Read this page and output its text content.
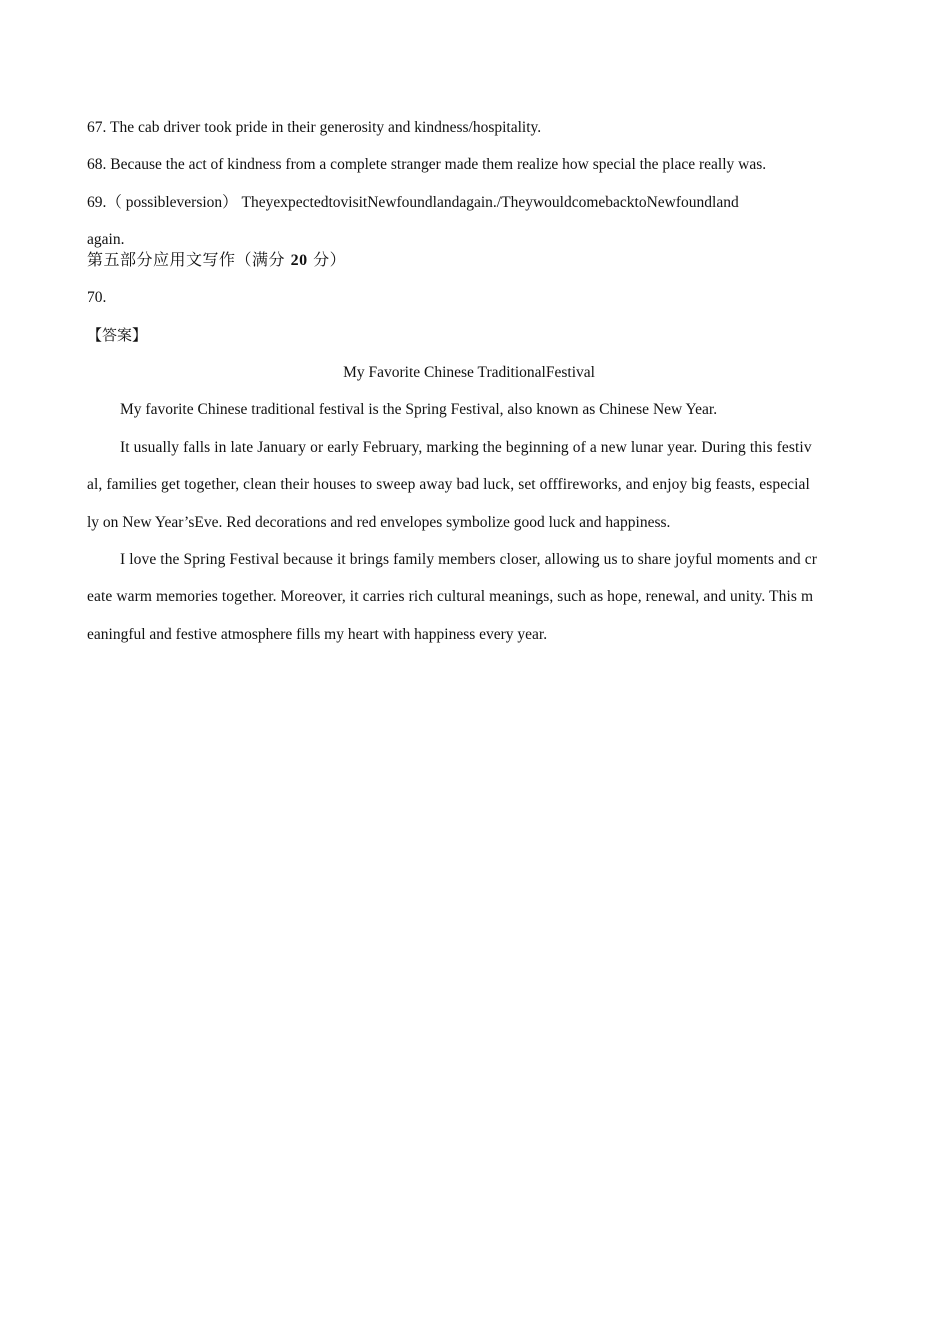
67. The cab driver took pride in their generosity and kindness/hospitality.
68. Because the act of kindness from a complete stranger made them realize how special the place really was.
69.（ possibleversion） TheyexpectedtovisitNewfoundlandagain./TheywouldcomebacktoNewfoundland
again.
第五部分应用文写作（满分 20 分）
70.
【答案】
My Favorite Chinese TraditionalFestival
My favorite Chinese traditional festival is the Spring Festival, also known as Chinese New Year.
It usually falls in late January or early February, marking the beginning of a new lunar year. During this festiv
al, families get together, clean their houses to sweep away bad luck, set offfireworks, and enjoy big feasts, especial
ly on New Year’sEve. Red decorations and red envelopes symbolize good luck and happiness.
I love the Spring Festival because it brings family members closer, allowing us to share joyful moments and cr
eate warm memories together. Moreover, it carries rich cultural meanings, such as hope, renewal, and unity. This m
eaningful and festive atmosphere fills my heart with happiness every year.
